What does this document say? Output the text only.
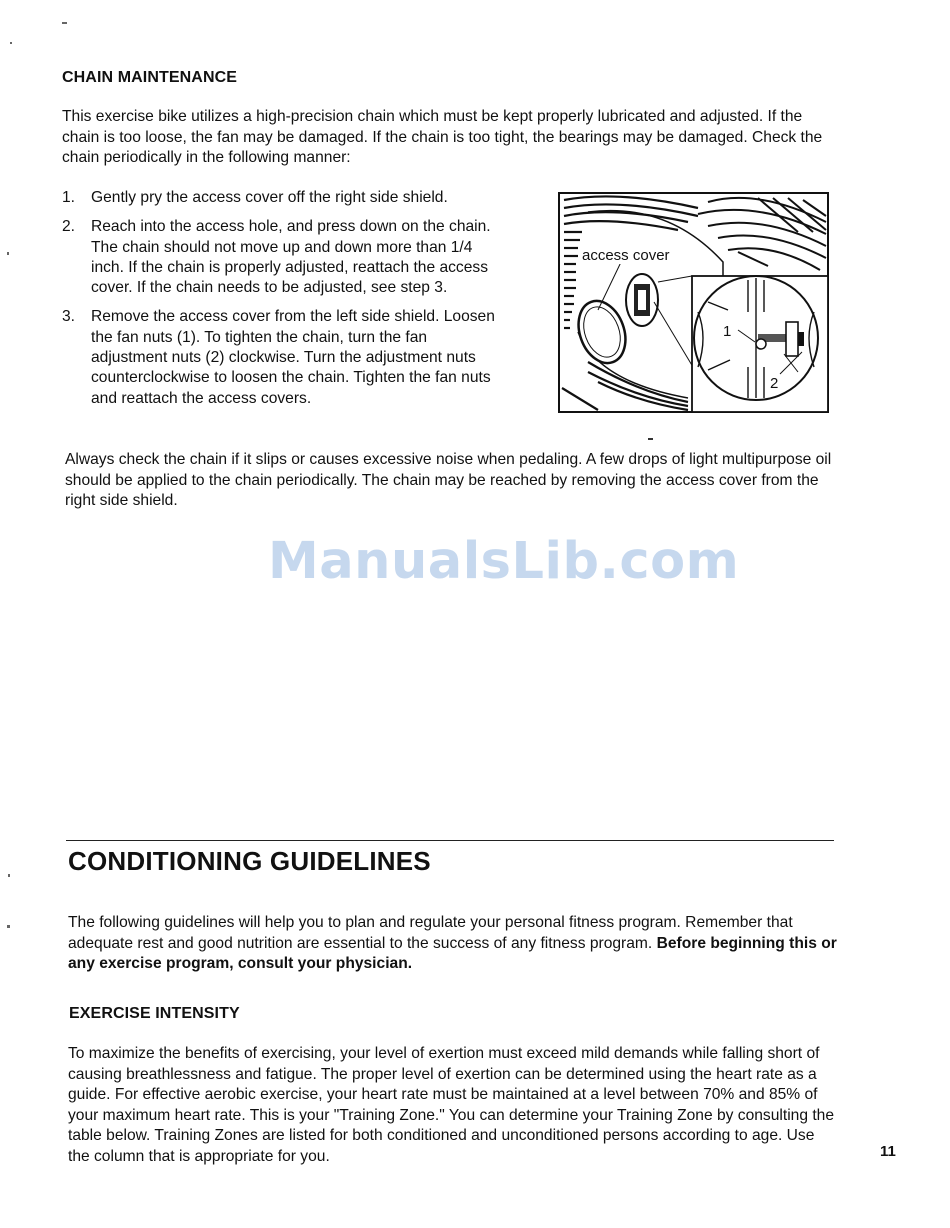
CHAIN MAINTENANCE

This exercise bike utilizes a high-precision chain which must be kept properly lubricated and adjusted. If the chain is too loose, the fan may be damaged. If the chain is too tight, the bearings may be damaged. Check the chain periodically in the following manner:

1. Gently pry the access cover off the right side shield.
2. Reach into the access hole, and press down on the chain. The chain should not move up and down more than 1/4 inch. If the chain is properly adjusted, reattach the access cover. If the chain needs to be adjusted, see step 3.
3. Remove the access cover from the left side shield. Loosen the fan nuts (1). To tighten the chain, turn the fan adjustment nuts (2) clockwise. Turn the adjustment nuts counterclockwise to loosen the chain. Tighten the fan nuts and reattach the access covers.
1
2
access cover

Always check the chain if it slips or causes excessive noise when pedaling. A few drops of light multipurpose oil should be applied to the chain periodically. The chain may be reached by removing the access cover from the right side shield.

ManualsLib.com
CONDITIONING GUIDELINES

The following guidelines will help you to plan and regulate your personal fitness program. Remember that adequate rest and good nutrition are essential to the success of any fitness program. Before beginning this or any exercise program, consult your physician.

EXERCISE INTENSITY

To maximize the benefits of exercising, your level of exertion must exceed mild demands while falling short of causing breathlessness and fatigue. The proper level of exertion can be determined using the heart rate as a guide. For effective aerobic exercise, your heart rate must be maintained at a level between 70% and 85% of your maximum heart rate. This is your "Training Zone." You can determine your Training Zone by consulting the table below. Training Zones are listed for both conditioned and unconditioned persons according to age. Use the column that is appropriate for you.	11
